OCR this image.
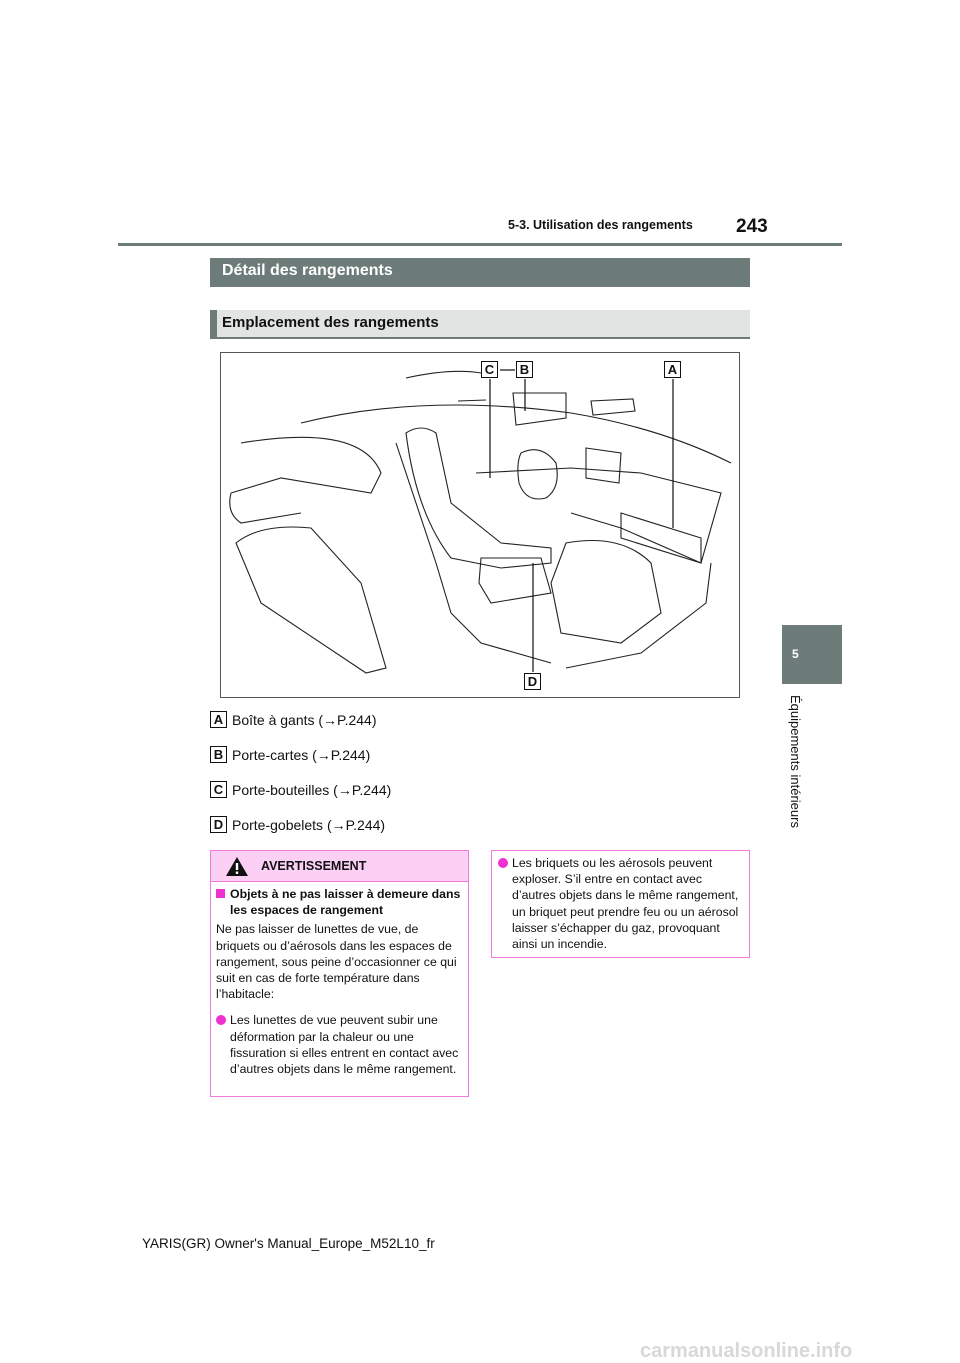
5-3. Utilisation des rangements 243
Détail des rangements
Emplacement des rangements
C B	A
D
A Boîte à gants (→P.244)
B Porte-cartes (→P.244)
C Porte-bouteilles (→P.244)
D Porte-gobelets (→P.244)
AVERTISSEMENT
Objets à ne pas laisser à demeure dans les espaces de rangement

Ne pas laisser de lunettes de vue, de briquets ou d’aérosols dans les espaces de rangement, sous peine d’occasionner ce qui suit en cas de forte température dans l’habitacle:

Les lunettes de vue peuvent subir une déformation par la chaleur ou une fissuration si elles entrent en contact avec d’autres objets dans le même rangement.
Les briquets ou les aérosols peuvent exploser. S’il entre en contact avec d’autres objets dans le même rangement, un briquet peut prendre feu ou un aérosol laisser s’échapper du gaz, provoquant ainsi un incendie.
5
Équipements intérieurs
YARIS(GR) Owner's Manual_Europe_M52L10_fr
carmanualsonline.info
